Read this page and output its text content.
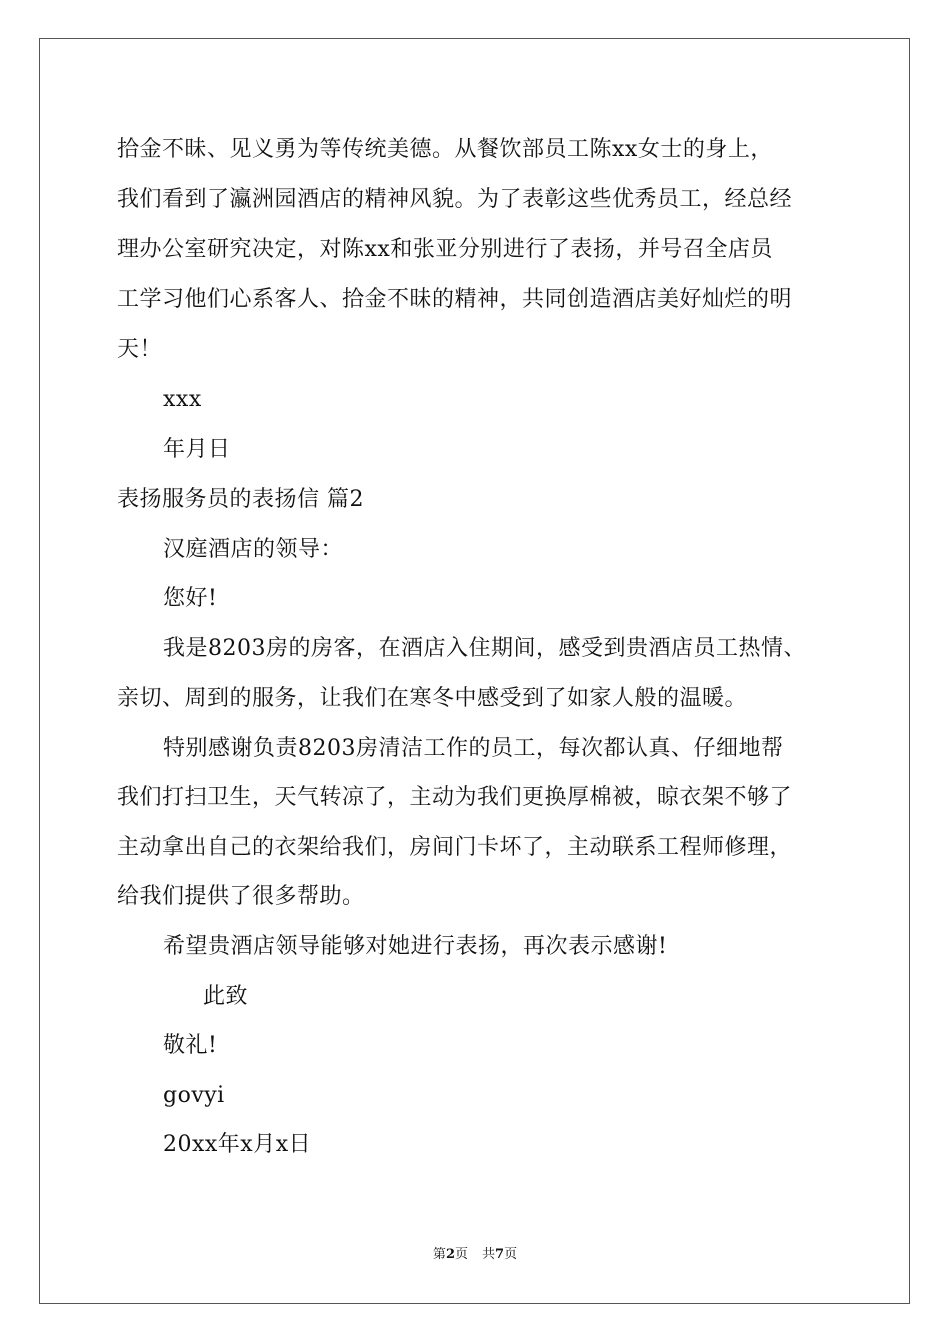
拾金不昧、见义勇为等传统美德。从餐饮部员工陈xx女士的身上，
我们看到了瀛洲园酒店的精神风貌。为了表彰这些优秀员工，经总经
理办公室研究决定，对陈xx和张亚分别进行了表扬，并号召全店员
工学习他们心系客人、拾金不昧的精神，共同创造酒店美好灿烂的明
天！
xxx
年月日
表扬服务员的表扬信 篇2
汉庭酒店的领导：
您好!
我是8203房的房客，在酒店入住期间，感受到贵酒店员工热情、
亲切、周到的服务，让我们在寒冬中感受到了如家人般的温暖。
特别感谢负责8203房清洁工作的员工，每次都认真、仔细地帮
我们打扫卫生，天气转凉了，主动为我们更换厚棉被，晾衣架不够了
主动拿出自己的衣架给我们，房间门卡坏了，主动联系工程师修理，
给我们提供了很多帮助。
希望贵酒店领导能够对她进行表扬，再次表示感谢!
此致
敬礼!
govyi
20xx年x月x日
第2页 共7页
